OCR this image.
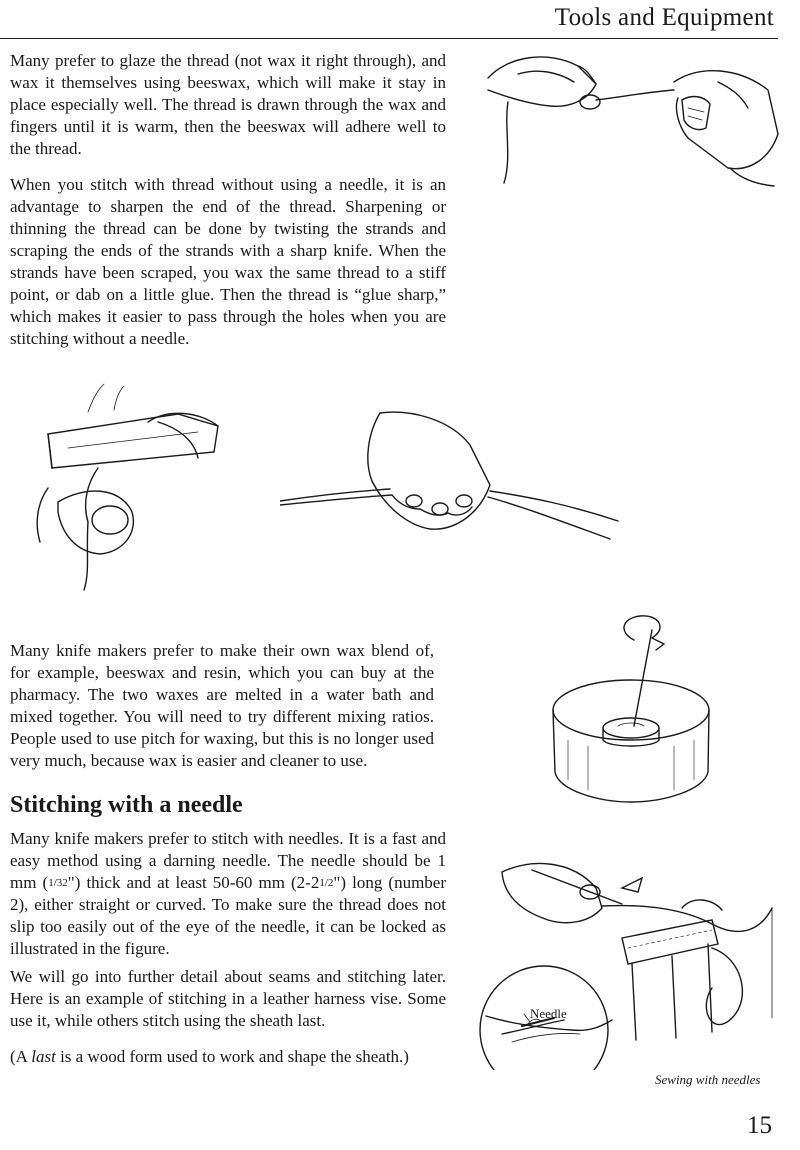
Tools and Equipment

Many prefer to glaze the thread (not wax it right through), and wax it themselves using beeswax, which will make it stay in place especially well. The thread is drawn through the wax and fingers until it is warm, then the beeswax will adhere well to the thread.

When you stitch with thread without using a needle, it is an advantage to sharpen the end of the thread. Sharpening or thinning the thread can be done by twisting the strands and scraping the ends of the strands with a sharp knife. When the strands have been scraped, you wax the same thread to a stiff point, or dab on a little glue. Then the thread is “glue sharp,” which makes it easier to pass through the holes when you are stitching without a needle.

Many knife makers prefer to make their own wax blend of, for example, beeswax and resin, which you can buy at the pharmacy. The two waxes are melted in a water bath and mixed together. You will need to try different mixing ratios. People used to use pitch for waxing, but this is no longer used very much, because wax is easier and cleaner to use.

Stitching with a needle

Many knife makers prefer to stitch with needles. It is a fast and easy method using a darning needle. The needle should be 1 mm (1/32") thick and at least 50-60 mm (2-21/2") long (number 2), either straight or curved. To make sure the thread does not slip too easily out of the eye of the needle, it can be locked as illustrated in the figure.

We will go into further detail about seams and stitching later. Here is an example of stitching in a leather harness vise. Some use it, while others stitch using the sheath last.

(A last is a wood form used to work and shape the sheath.)

Needle
Sewing with needles
15
